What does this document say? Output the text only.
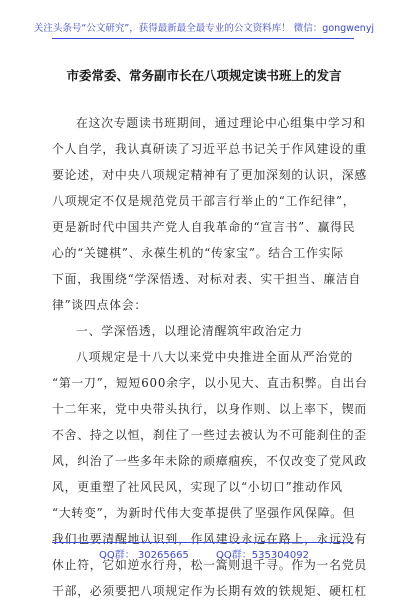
关注头条号“公文研究”，获得最新最全最专业的公文资料库！ 微信：gongwenyj
市委常委、常务副市长在八项规定读书班上的发言
在这次专题读书班期间，通过理论中心组集中学习和
个人自学，我认真研读了习近平总书记关于作风建设的重
要论述，对中央八项规定精神有了更加深刻的认识，深感
八项规定不仅是规范党员干部言行举止的“工作纪律”，
更是新时代中国共产党人自我革命的“宣言书”、赢得民
心的“关键棋”、永葆生机的“传家宝”。结合工作实际
下面，我围绕“学深悟透、对标对表、实干担当、廉洁自
律”谈四点体会：
一、学深悟透，以理论清醒筑牢政治定力
八项规定是十八大以来党中央推进全面从严治党的
“第一刀”，短短600余字，以小见大、直击积弊。自出台
十二年来，党中央带头执行，以身作则、以上率下，锲而
不舍、持之以恒，刹住了一些过去被认为不可能刹住的歪
风，纠治了一些多年未除的顽瘴痼疾，不仅改变了党风政
风，更重塑了社风民风，实现了以“小切口”推动作风
“大转变”，为新时代伟大变革提供了坚强作风保障。但
我们也要清醒地认识到，作风建设永远在路上，永远没有
休止符，它如逆水行舟，松一篙则退千寻。作为一名党员
干部，必须要把八项规定作为长期有效的铁规矩、硬杠杠
QQ群： 30265665	QQ群：535304092
